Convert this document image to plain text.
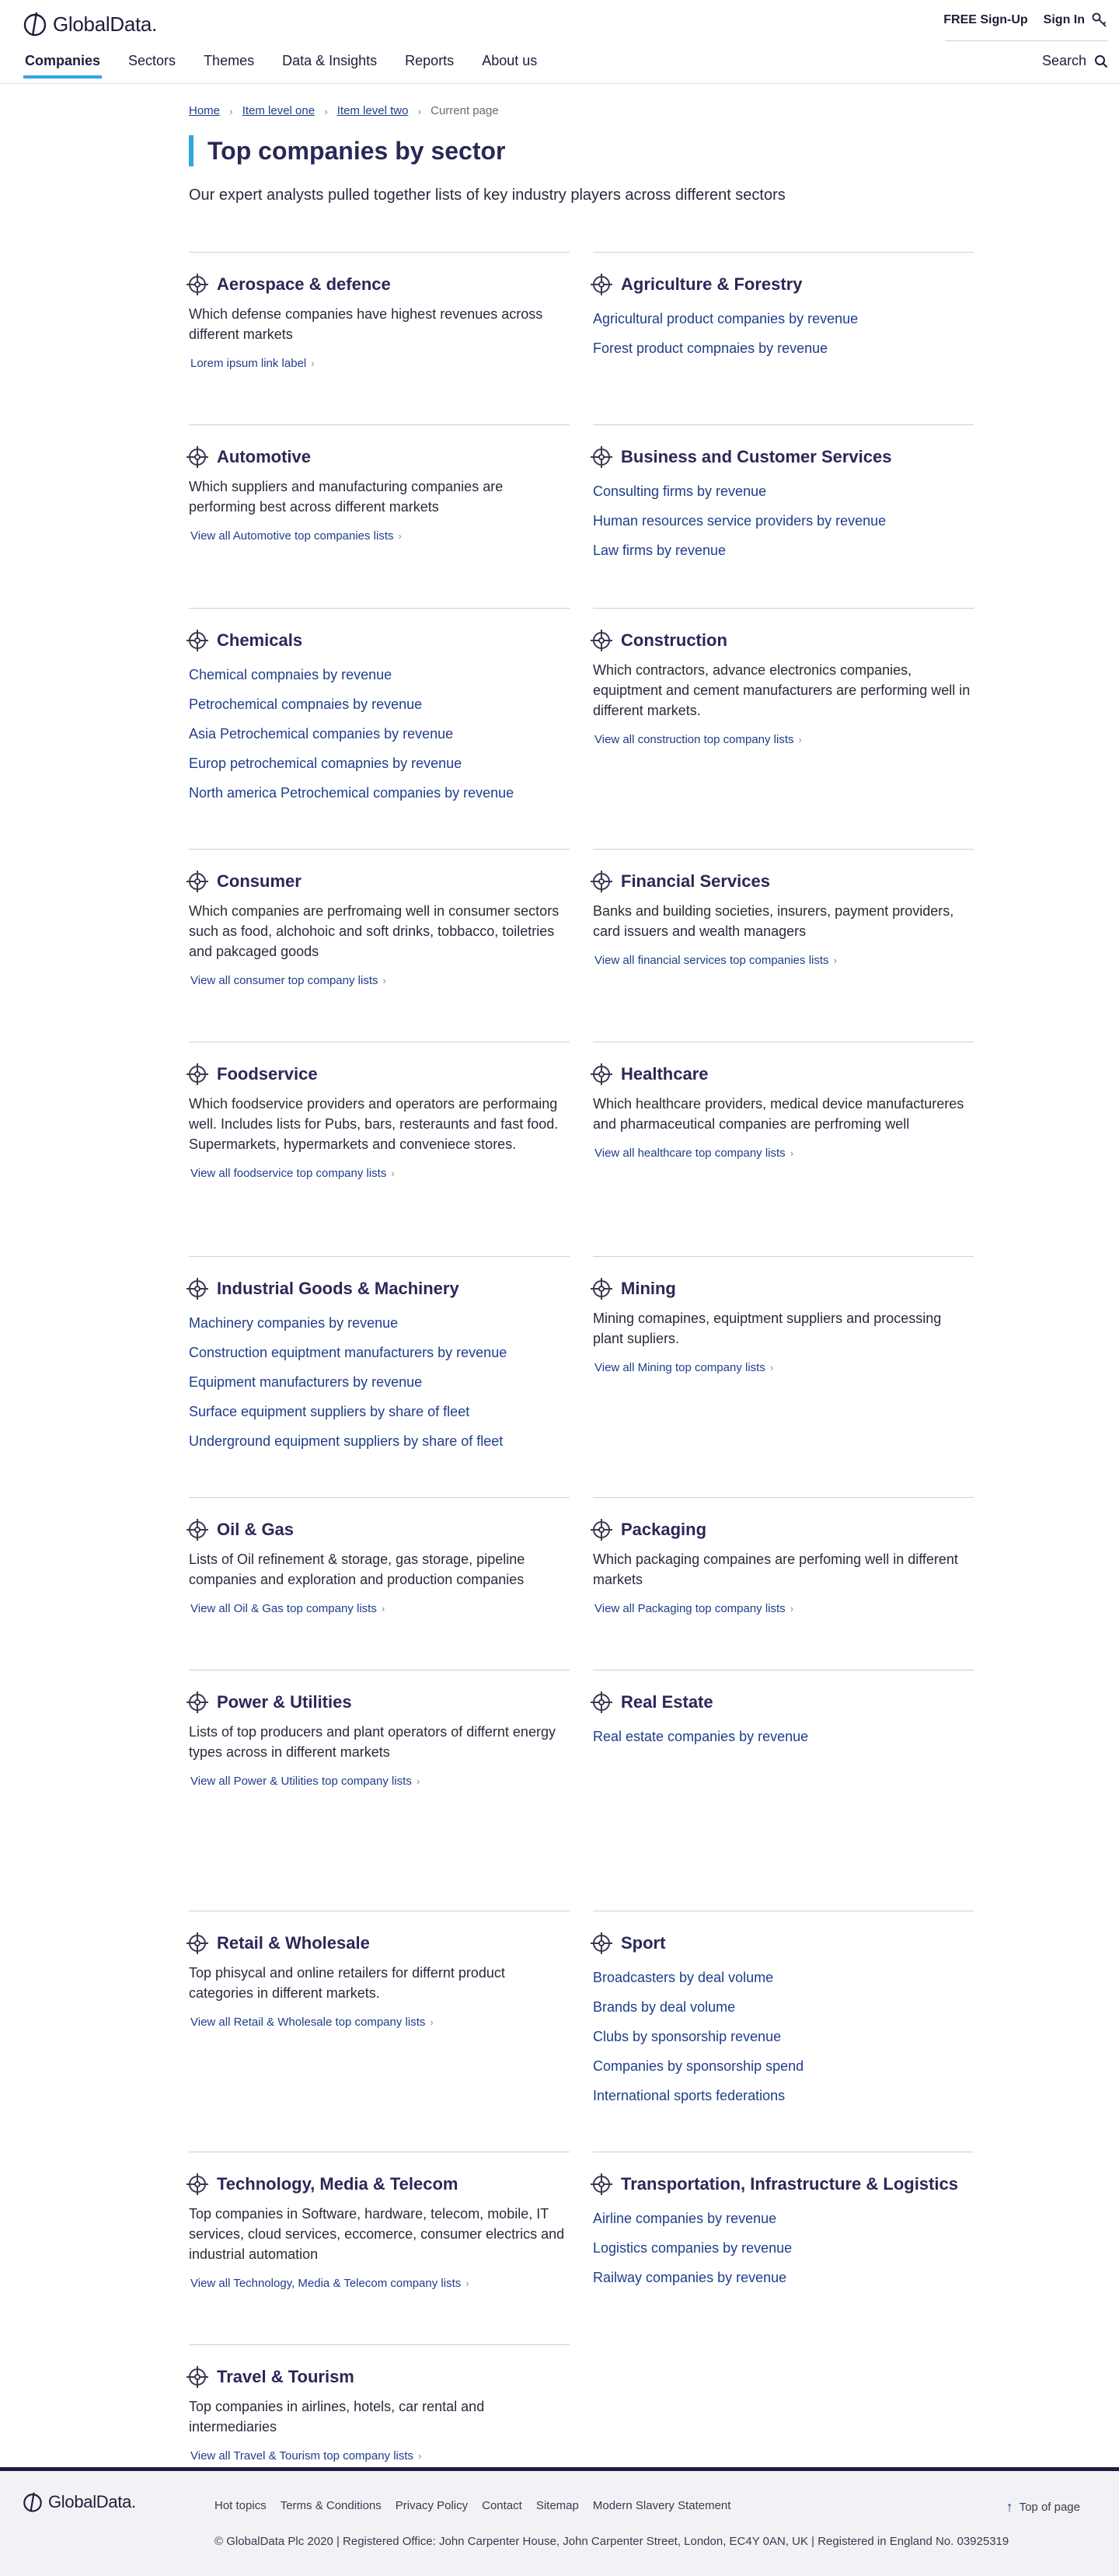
GlobalData.	FREE Sign-Up Sign In
Companies Sectors Themes Data & Insights Reports About us	Search
Home › Item level one › Item level two › Current page
Top companies by sector

Our expert analysts pulled together lists of key industry players across different sectors

Aerospace & defence

Which defense companies have highest revenues across different markets

Lorem ipsum link label ›
Agriculture & Forestry
Agricultural product companies by revenue
Forest product compnaies by revenue
Automotive

Which suppliers and manufacturing companies are performing best across different markets

View all Automotive top companies lists ›
Business and Customer Services
Consulting firms by revenue
Human resources service providers by revenue
Law firms by revenue
Chemicals
Chemical compnaies by revenue
Petrochemical compnaies by revenue
Asia Petrochemical companies by revenue
Europ petrochemical comapnies by revenue
North america Petrochemical companies by revenue
Construction

Which contractors, advance electronics companies, equiptment and cement manufacturers are performing well in different markets.

View all construction top company lists ›
Consumer

Which companies are perfromaing well in consumer sectors such as food, alchohoic and soft drinks, tobbacco, toiletries and pakcaged goods

View all consumer top company lists ›
Financial Services

Banks and building societies, insurers, payment providers, card issuers and wealth managers

View all financial services top companies lists ›
Foodservice

Which foodservice providers and operators are performaing well. Includes lists for Pubs, bars, resteraunts and fast food. Supermarkets, hypermarkets and conveniece stores.

View all foodservice top company lists ›
Healthcare

Which healthcare providers, medical device manufactureres and pharmaceutical companies are perfroming well

View all healthcare top company lists ›
Industrial Goods & Machinery
Machinery companies by revenue
Construction equiptment manufacturers by revenue
Equipment manufacturers by revenue
Surface equipment suppliers by share of fleet
Underground equipment suppliers by share of fleet
Mining

Mining comapines, equiptment suppliers and processing plant supliers.

View all Mining top company lists ›
Oil & Gas

Lists of Oil refinement & storage, gas storage, pipeline companies and exploration and production companies

View all Oil & Gas top company lists ›
Packaging

Which packaging compaines are perfoming well in different markets

View all Packaging top company lists ›
Power & Utilities

Lists of top producers and plant operators of differnt energy types across in different markets

View all Power & Utilities top company lists ›
Real Estate
Real estate companies by revenue
Retail & Wholesale

Top phisycal and online retailers for differnt product categories in different markets.

View all Retail & Wholesale top company lists ›
Sport
Broadcasters by deal volume
Brands by deal volume
Clubs by sponsorship revenue
Companies by sponsorship spend
International sports federations
Technology, Media & Telecom

Top companies in Software, hardware, telecom, mobile, IT services, cloud services, eccomerce, consumer electrics and industrial automation

View all Technology, Media & Telecom company lists ›
Transportation, Infrastructure & Logistics
Airline companies by revenue
Logistics companies by revenue
Railway companies by revenue
Travel & Tourism

Top companies in airlines, hotels, car rental and intermediaries

View all Travel & Tourism top company lists ›
GlobalData.	Hot topics Terms & Conditions Privacy Policy Contact Sitemap Modern Slavery Statement	↑ Top of page
© GlobalData Plc 2020 | Registered Office: John Carpenter House, John Carpenter Street, London, EC4Y 0AN, UK | Registered in England No. 03925319
